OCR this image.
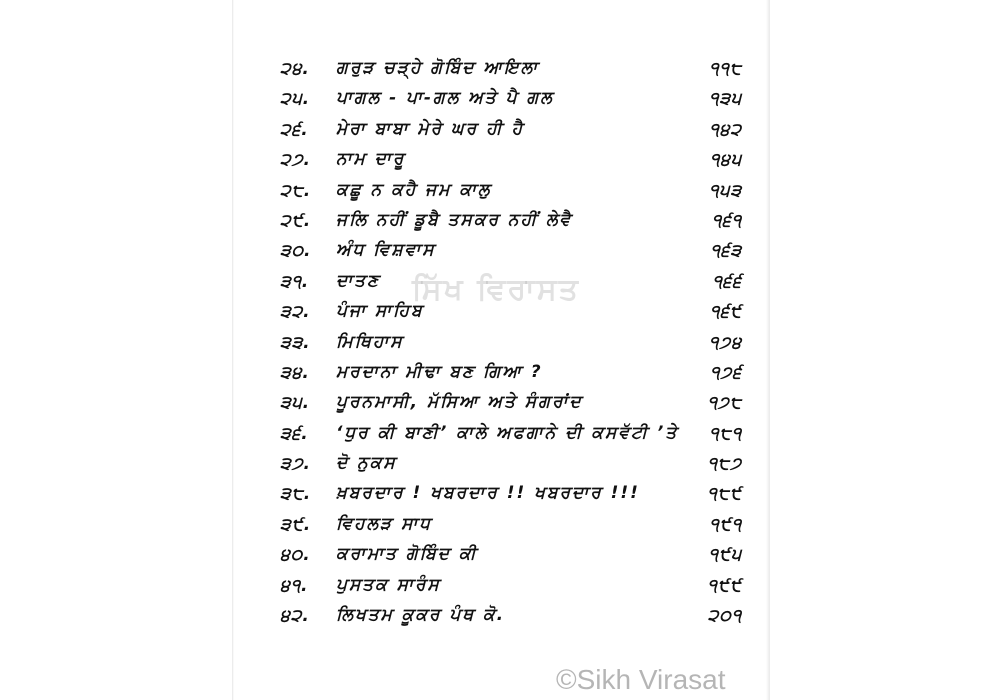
੨੪. ਗਰੁੜ ਚੜ੍ਹੇ ਗੋਬਿੰਦ ਆਇਲਾ	੧੧੮
੨੫. ਪਾਗਲ - ਪਾ-ਗਲ ਅਤੇ ਪੈ ਗਲ	੧੩੫
੨੬. ਮੇਰਾ ਬਾਬਾ ਮੇਰੇ ਘਰ ਹੀ ਹੈ	੧੪੨
੨੭. ਨਾਮ ਦਾਰੂ	੧੪੫
੨੮. ਕਛੂ ਨ ਕਹੈ ਜਮ ਕਾਲੁ	੧੫੩
੨੯. ਜਲਿ ਨਹੀਂ ਡੂਬੈ ਤਸਕਰ ਨਹੀਂ ਲੇਵੈ	੧੬੧
੩੦. ਅੰਧ ਵਿਸ਼ਵਾਸ	੧੬੩
੩੧. ਦਾਤਣ	੧੬੬
੩੨. ਪੰਜਾ ਸਾਹਿਬ	੧੬੯
੩੩. ਮਿਥਿਹਾਸ	੧੭੪
੩੪. ਮਰਦਾਨਾ ਮੀਢਾ ਬਣ ਗਿਆ ?	੧੭੬
੩੫. ਪੂਰਨਮਾਸੀ, ਮੱਸਿਆ ਅਤੇ ਸੰਗਰਾਂਦ	੧੭੮
੩੬. ‘ਧੁਰ ਕੀ ਬਾਣੀ’ ਕਾਲੇ ਅਫਗਾਨੇ ਦੀ ਕਸਵੱਟੀ ’ਤੇ	੧੮੧
੩੭. ਦੋ ਨੁਕਸ	੧੮੭
੩੮. ਖ਼ਬਰਦਾਰ ! ਖਬਰਦਾਰ !! ਖਬਰਦਾਰ !!!	੧੮੯
੩੯. ਵਿਹਲੜ ਸਾਧ	੧੯੧
੪੦. ਕਰਾਮਾਤ ਗੋਬਿੰਦ ਕੀ	੧੯੫
੪੧. ਪੁਸਤਕ ਸਾਰੰਸ	੧੯੯
੪੨. ਲਿਖਤਮ ਕੂਕਰ ਪੰਥ ਕੋ.	੨੦੧
ਸਿੱਖ ਵਿਰਾਸਤ
©Sikh Virasat
